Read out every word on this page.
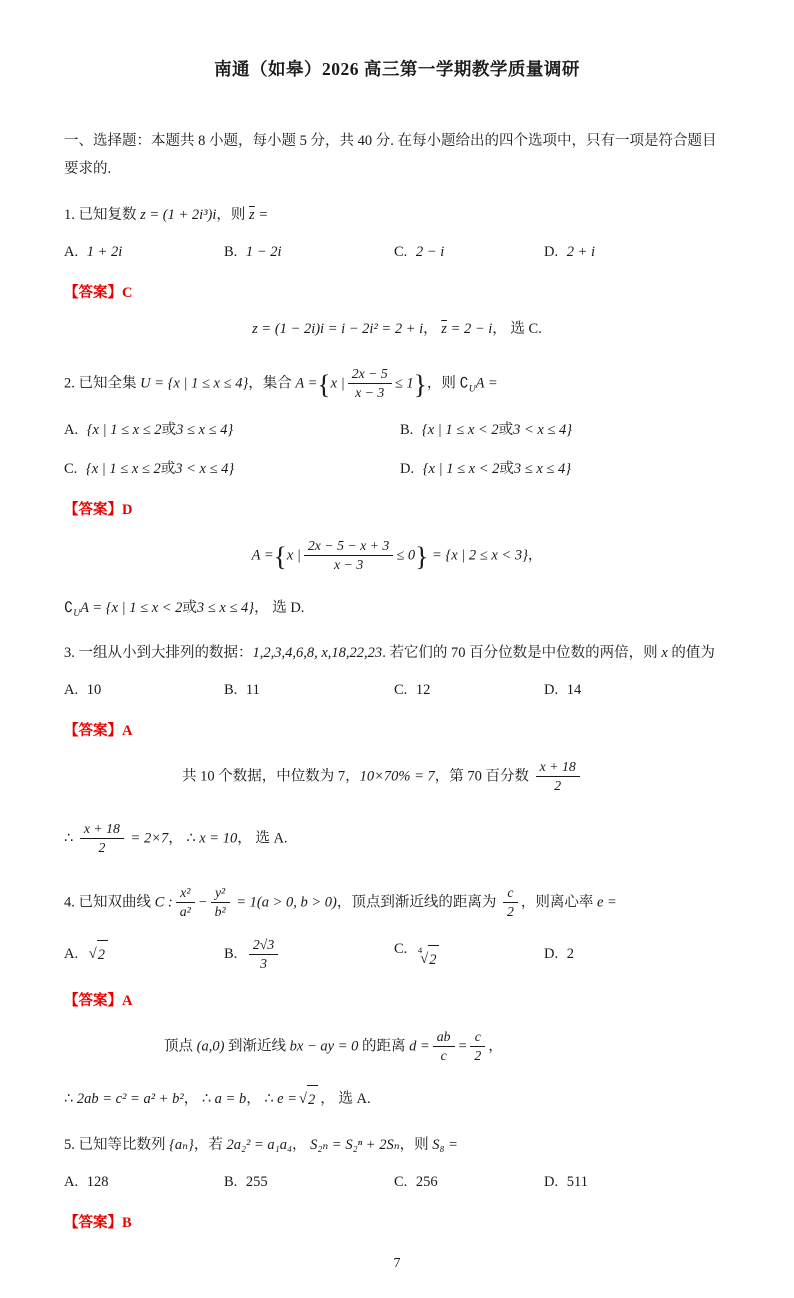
南通（如皋）2026 高三第一学期教学质量调研

一、选择题：本题共 8 小题，每小题 5 分，共 40 分. 在每小题给出的四个选项中，只有一项是符合题目要求的.

1. 已知复数 z = (1 + 2i³)i，则 $\overline{z}$ =

A. 1 + 2i	B. 1 − 2i	C. 2 − i	D. 2 + i

【答案】C

z = (1 − 2i)i = i − 2i² = 2 + i， $\overline{z} = 2 - i$， 选 C.

2. 已知全集 U = {x | 1 ≤ x ≤ 4}，集合 A ={x | $\frac{2x - 5}{x - 3} \le 1$}，则 $∁_UA$ =

A. {x | 1 ≤ x ≤ 2或3 ≤ x ≤ 4}	B. {x | 1 ≤ x < 2或3 < x ≤ 4}
C. {x | 1 ≤ x ≤ 2或3 < x ≤ 4}	D. {x | 1 ≤ x < 2或3 ≤ x ≤ 4}

【答案】D

A ={x | $\frac{2x - 5 - x + 3}{x - 3} \le 0\} = \{x$ | 2 ≤ x < 3}，

$∁_UA = \{x$ | 1 ≤ x < 2或3 ≤ x ≤ 4}， 选 D.

3. 一组从小到大排列的数据：1,2,3,4,6,8, x,18,22,23. 若它们的 70 百分位数是中位数的两倍，则 x 的值为

A. 10	B. 11	C. 12	D. 14

【答案】A

共 10 个数据，中位数为 7，10×70% = 7，第 70 百分数 $\frac{x + 18}{2}$

∴ $\frac{x + 18}{2} = 2\times 7$， ∴ x = 10， 选 A.

4. 已知双曲线 C : $\frac{\text{x²}}{\text{a²}} - \frac{\text{y²}}{\text{b²}} = 1(a > 0$, b > 0)，顶点到渐近线的距离为 $\frac{c}{2}$ ，则离心率 e =

A. √ 2	B. $\frac{2√3}{3}$	C. 4
√ 2	D. 2

【答案】A

顶点 (a,0) 到渐近线 bx − ay = 0 的距离 $d = \frac{ab}{c} = \frac{c}{2}$ ，

∴ 2ab = c² = a² + b²， ∴ a = b， ∴ e = √ 2 ， 选 A.

5. 已知等比数列 {aₙ}，若 2a₂² = a₁a₄， S₂ₙ = S₂ⁿ + 2Sₙ，则 S₈ =

A. 128	B. 255	C. 256	D. 511

【答案】B

7
